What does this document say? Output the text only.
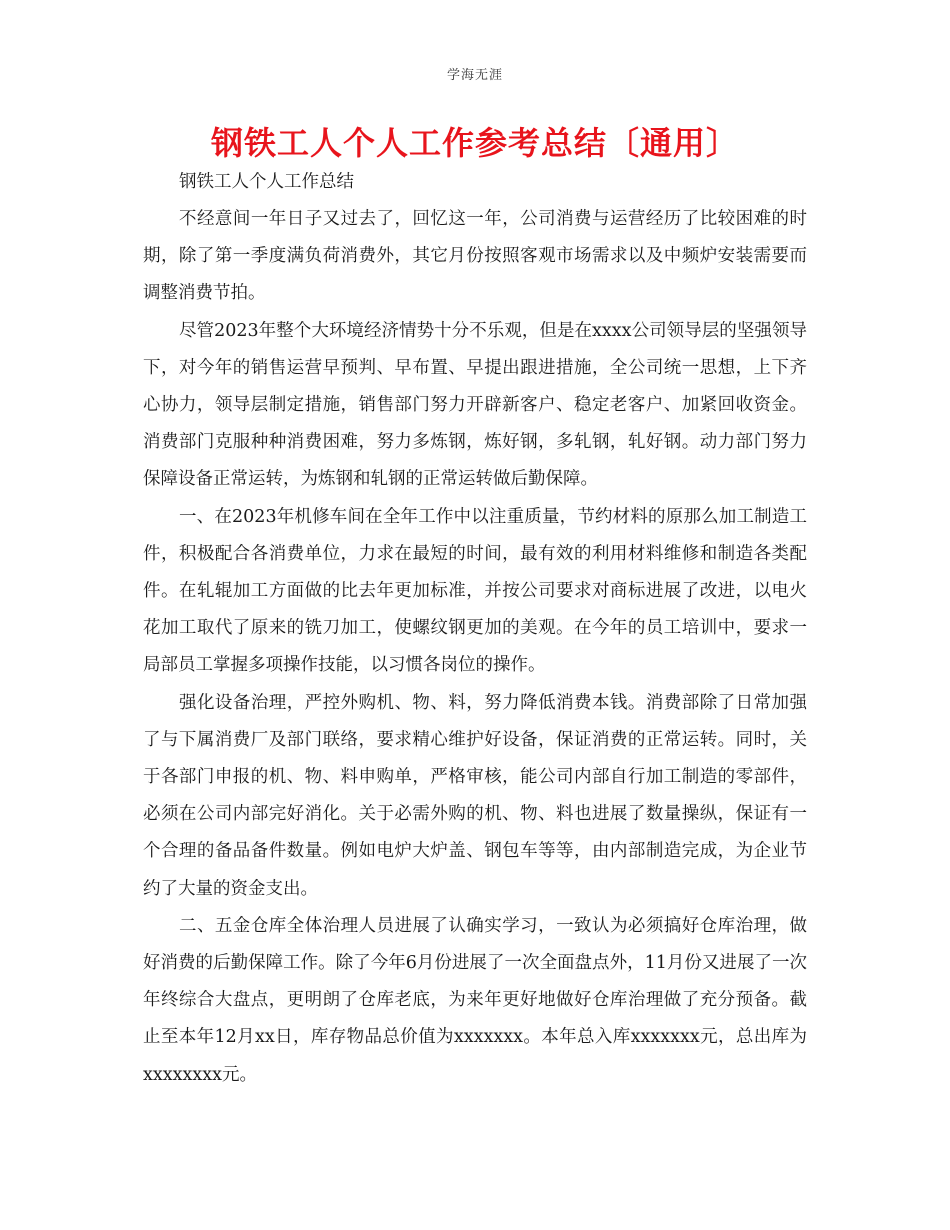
学海无涯
钢铁工人个人工作参考总结〔通用〕

钢铁工人个人工作总结

不经意间一年日子又过去了，回忆这一年，公司消费与运营经历了比较困难的时期，除了第一季度满负荷消费外，其它月份按照客观市场需求以及中频炉安装需要而调整消费节拍。

尽管2023年整个大环境经济情势十分不乐观，但是在xxxx公司领导层的坚强领导下，对今年的销售运营早预判、早布置、早提出跟进措施，全公司统一思想，上下齐心协力，领导层制定措施，销售部门努力开辟新客户、稳定老客户、加紧回收资金。消费部门克服种种消费困难，努力多炼钢，炼好钢，多轧钢，轧好钢。动力部门努力保障设备正常运转，为炼钢和轧钢的正常运转做后勤保障。

一、在2023年机修车间在全年工作中以注重质量，节约材料的原那么加工制造工件，积极配合各消费单位，力求在最短的时间，最有效的利用材料维修和制造各类配件。在轧辊加工方面做的比去年更加标准，并按公司要求对商标进展了改进，以电火花加工取代了原来的铣刀加工，使螺纹钢更加的美观。在今年的员工培训中，要求一局部员工掌握多项操作技能，以习惯各岗位的操作。

强化设备治理，严控外购机、物、料，努力降低消费本钱。消费部除了日常加强了与下属消费厂及部门联络，要求精心维护好设备，保证消费的正常运转。同时，关于各部门申报的机、物、料申购单，严格审核，能公司内部自行加工制造的零部件，必须在公司内部完好消化。关于必需外购的机、物、料也进展了数量操纵，保证有一个合理的备品备件数量。例如电炉大炉盖、钢包车等等，由内部制造完成，为企业节约了大量的资金支出。

二、五金仓库全体治理人员进展了认确实学习，一致认为必须搞好仓库治理，做好消费的后勤保障工作。除了今年6月份进展了一次全面盘点外，11月份又进展了一次年终综合大盘点，更明朗了仓库老底，为来年更好地做好仓库治理做了充分预备。截止至本年12月xx日，库存物品总价值为xxxxxxx。本年总入库xxxxxxx元，总出库为xxxxxxxx元。
